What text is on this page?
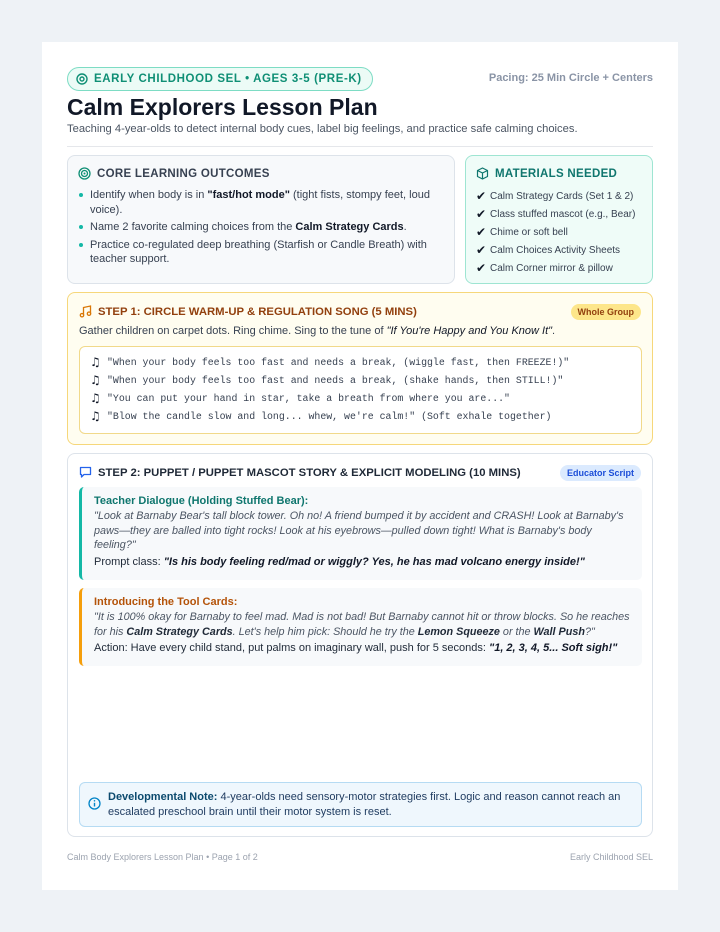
EARLY CHILDHOOD SEL • AGES 3-5 (PRE-K)	Pacing: 25 Min Circle + Centers
Calm Explorers Lesson Plan
Teaching 4-year-olds to detect internal body cues, label big feelings, and practice safe calming choices.
CORE LEARNING OUTCOMES
Identify when body is in "fast/hot mode" (tight fists, stompy feet, loud voice).
Name 2 favorite calming choices from the Calm Strategy Cards.
Practice co-regulated deep breathing (Starfish or Candle Breath) with teacher support.
MATERIALS NEEDED
✔ Calm Strategy Cards (Set 1 & 2)
✔ Class stuffed mascot (e.g., Bear)
✔ Chime or soft bell
✔ Calm Choices Activity Sheets
✔ Calm Corner mirror & pillow
STEP 1: CIRCLE WARM-UP & REGULATION SONG (5 MINS)	Whole Group
Gather children on carpet dots. Ring chime. Sing to the tune of "If You're Happy and You Know It".
♫ "When your body feels too fast and needs a break, (wiggle fast, then FREEZE!)"
♫ "When your body feels too fast and needs a break, (shake hands, then STILL!)"
♫ "You can put your hand in star, take a breath from where you are..."
♫ "Blow the candle slow and long... whew, we're calm!" (Soft exhale together)
STEP 2: PUPPET / PUPPET MASCOT STORY & EXPLICIT MODELING (10 MINS)	Educator Script
Teacher Dialogue (Holding Stuffed Bear):
"Look at Barnaby Bear's tall block tower. Oh no! A friend bumped it by accident and CRASH! Look at Barnaby's paws—they are balled into tight rocks! Look at his eyebrows—pulled down tight! What is Barnaby's body feeling?"
Prompt class: "Is his body feeling red/mad or wiggly? Yes, he has mad volcano energy inside!"
Introducing the Tool Cards:
"It is 100% okay for Barnaby to feel mad. Mad is not bad! But Barnaby cannot hit or throw blocks. So he reaches for his Calm Strategy Cards. Let's help him pick: Should he try the Lemon Squeeze or the Wall Push?"
Action: Have every child stand, put palms on imaginary wall, push for 5 seconds: "1, 2, 3, 4, 5... Soft sigh!"
Developmental Note: 4-year-olds need sensory-motor strategies first. Logic and reason cannot reach an escalated preschool brain until their motor system is reset.
Calm Body Explorers Lesson Plan • Page 1 of 2	Early Childhood SEL
